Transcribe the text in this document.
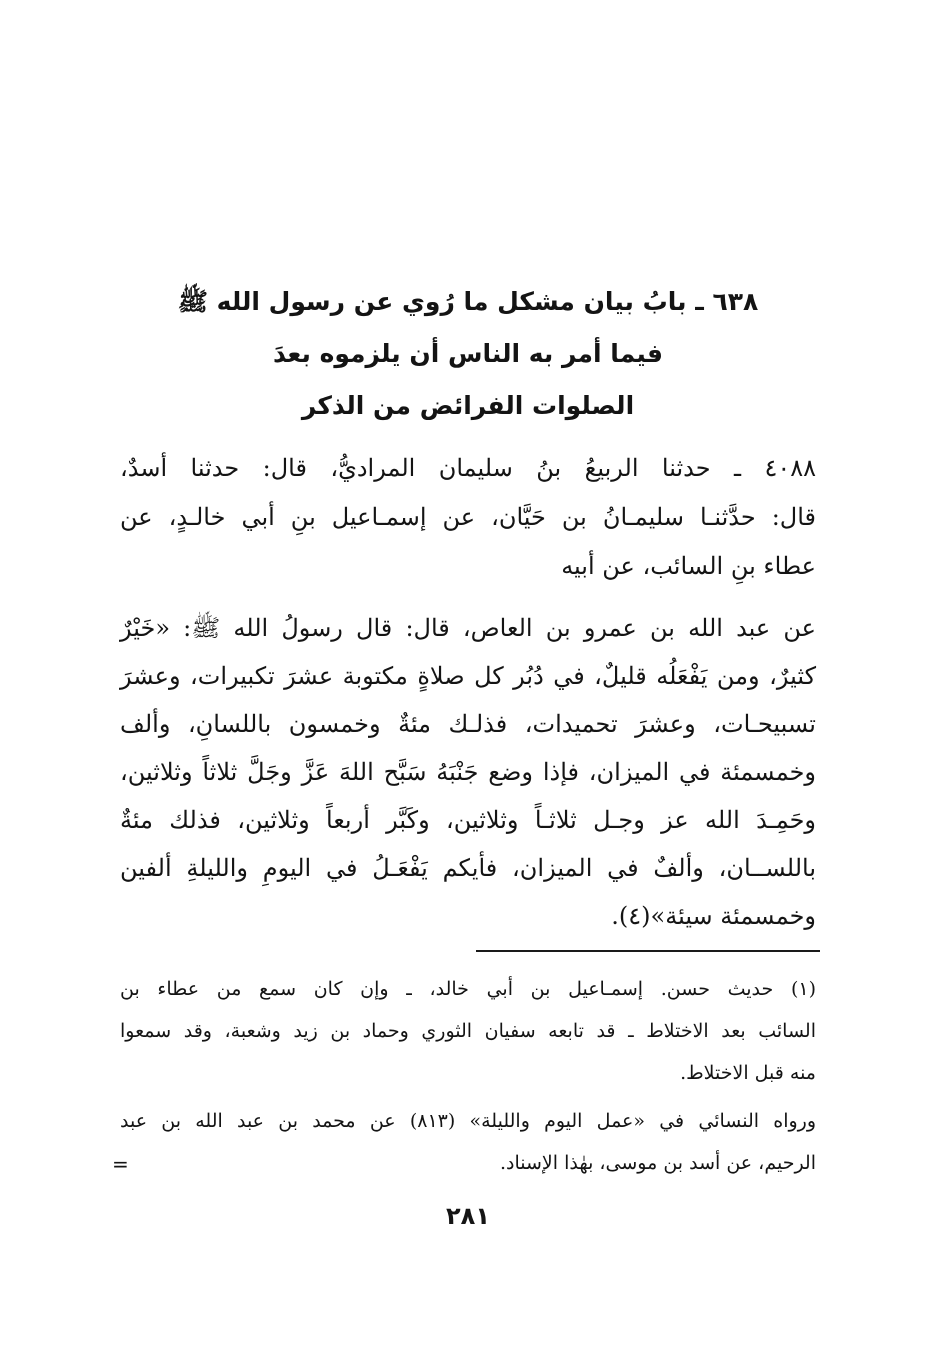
٦٣٨ ـ بابُ بيان مشكل ما رُوي عن رسول الله ﷺ
فيما أمر به الناس أن يلزموه بعدَ
الصلوات الفرائض من الذكر
٤٠٨٨ ـ حدثنا الربيعُ بنُ سليمان المراديُّ، قال: حدثنا أسدٌ،
قال: حدَّثنـا سليمـانُ بن حَيَّان، عن إسمـاعيل بنِ أبي خالـدٍ، عن
عطاء بنِ السائب، عن أبيه
عن عبد الله بن عمرو بن العاص، قال: قال رسولُ الله ﷺ: «خَيْرٌ
كثيرٌ، ومن يَفْعَلُه قليلٌ، في دُبُر كل صلاةٍ مكتوبة عشرَ تكبيرات، وعشرَ
تسبيحـات، وعشرَ تحميدات، فذلـك مئةٌ وخمسون باللسانِ، وألف
وخمسمئة في الميزان، فإذا وضع جَنْبَهُ سَبَّح اللهَ عَزَّ وجَلَّ ثلاثاً وثلاثين،
وحَمِـدَ الله عز وجـل ثلاثـاً وثلاثين، وكَبَّر أربعاً وثلاثين، فذلك مئةٌ
باللســان، وألفٌ في الميزان، فأيكم يَفْعَـلُ في اليومِ والليلةِ ألفين
وخمسمئة سيئة»(٤).
(١) حديث حسن. إسمـاعيل بن أبي خالد، ـ وإن كان سمع من عطاء بن
السائب بعد الاختلاط ـ قد تابعه سفيان الثوري وحماد بن زيد وشعبة، وقد سمعوا
منه قبل الاختلاط.
ورواه النسائي في «عمل اليوم والليلة» (٨١٣) عن محمد بن عبد الله بن عبد
الرحيم، عن أسد بن موسى، بهٰذا الإسناد.
=
٢٨١
